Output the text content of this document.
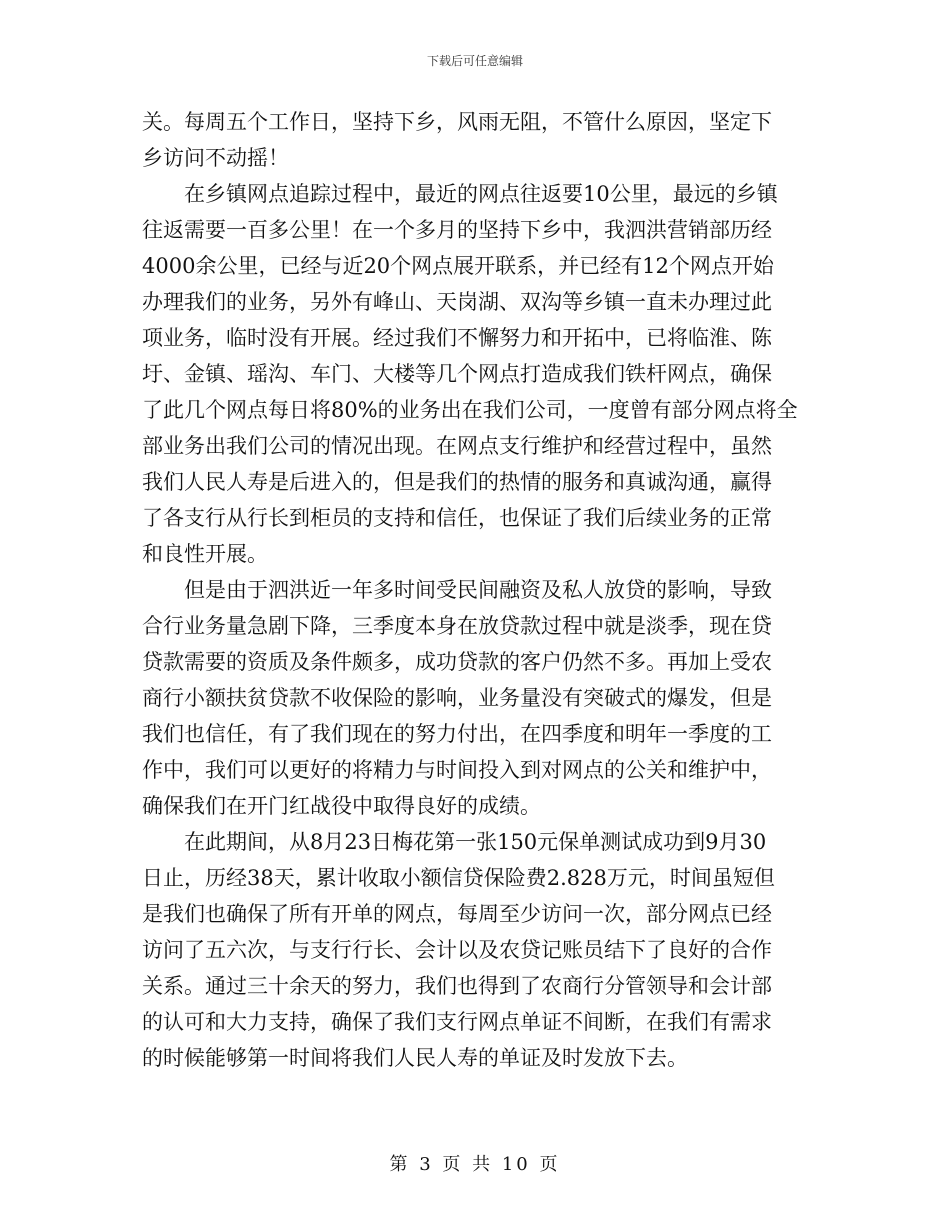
下载后可任意编辑
关。每周五个工作日，坚持下乡，风雨无阻，不管什么原因，坚定下
乡访问不动摇！
在乡镇网点追踪过程中，最近的网点往返要10公里，最远的乡镇
往返需要一百多公里！在一个多月的坚持下乡中，我泗洪营销部历经
4000余公里，已经与近20个网点展开联系，并已经有12个网点开始
办理我们的业务，另外有峰山、天岗湖、双沟等乡镇一直未办理过此
项业务，临时没有开展。经过我们不懈努力和开拓中，已将临淮、陈
圩、金镇、瑶沟、车门、大楼等几个网点打造成我们铁杆网点，确保
了此几个网点每日将80%的业务出在我们公司，一度曾有部分网点将全
部业务出我们公司的情况出现。在网点支行维护和经营过程中，虽然
我们人民人寿是后进入的，但是我们的热情的服务和真诚沟通，赢得
了各支行从行长到柜员的支持和信任，也保证了我们后续业务的正常
和良性开展。
但是由于泗洪近一年多时间受民间融资及私人放贷的影响，导致
合行业务量急剧下降，三季度本身在放贷款过程中就是淡季，现在贷
贷款需要的资质及条件颇多，成功贷款的客户仍然不多。再加上受农
商行小额扶贫贷款不收保险的影响，业务量没有突破式的爆发，但是
我们也信任，有了我们现在的努力付出，在四季度和明年一季度的工
作中，我们可以更好的将精力与时间投入到对网点的公关和维护中，
确保我们在开门红战役中取得良好的成绩。
在此期间，从8月23日梅花第一张150元保单测试成功到9月30
日止，历经38天，累计收取小额信贷保险费2.828万元，时间虽短但
是我们也确保了所有开单的网点，每周至少访问一次，部分网点已经
访问了五六次，与支行行长、会计以及农贷记账员结下了良好的合作
关系。通过三十余天的努力，我们也得到了农商行分管领导和会计部
的认可和大力支持，确保了我们支行网点单证不间断，在我们有需求
的时候能够第一时间将我们人民人寿的单证及时发放下去。
第 3 页 共 10 页
